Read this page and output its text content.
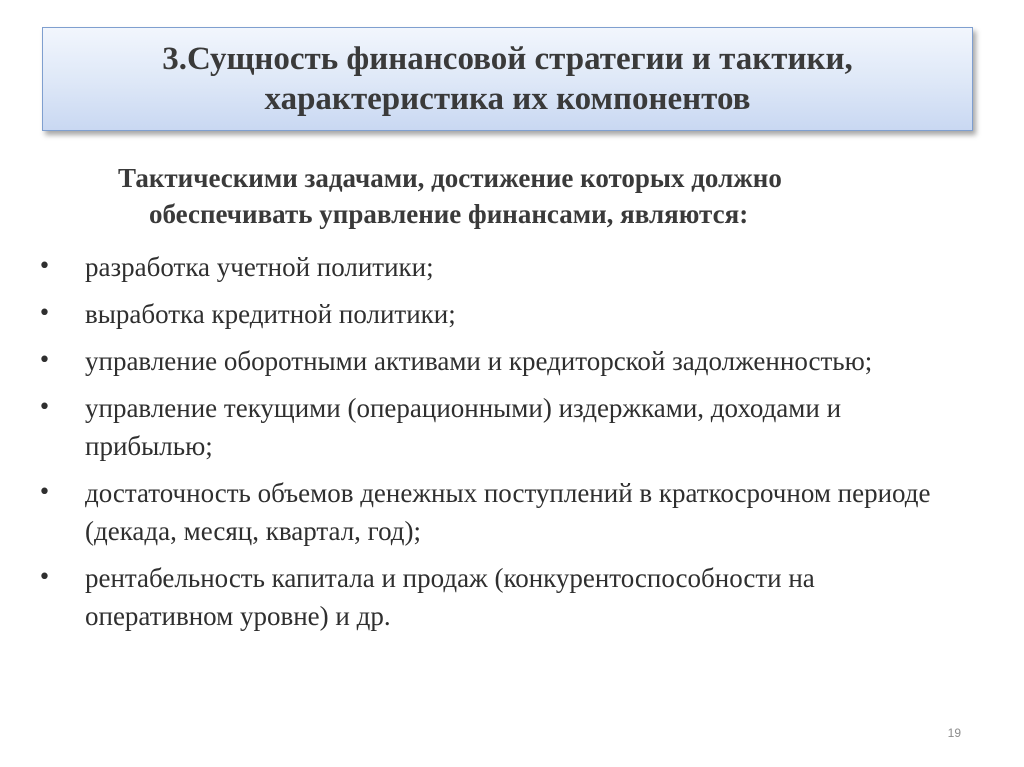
3.Сущность финансовой стратегии и тактики,
характеристика их компонентов
Тактическими задачами, достижение которых должно
обеспечивать управление финансами, являются:
• разработка учетной политики;
• выработка кредитной политики;
• управление оборотными активами и кредиторской задолженностью;
• управление текущими (операционными) издержками, доходами и прибылью;
• достаточность объемов денежных поступлений в краткосрочном периоде (декада, месяц, квартал, год);
• рентабельность капитала и продаж (конкурентоспособности на оперативном уровне) и др.
19
